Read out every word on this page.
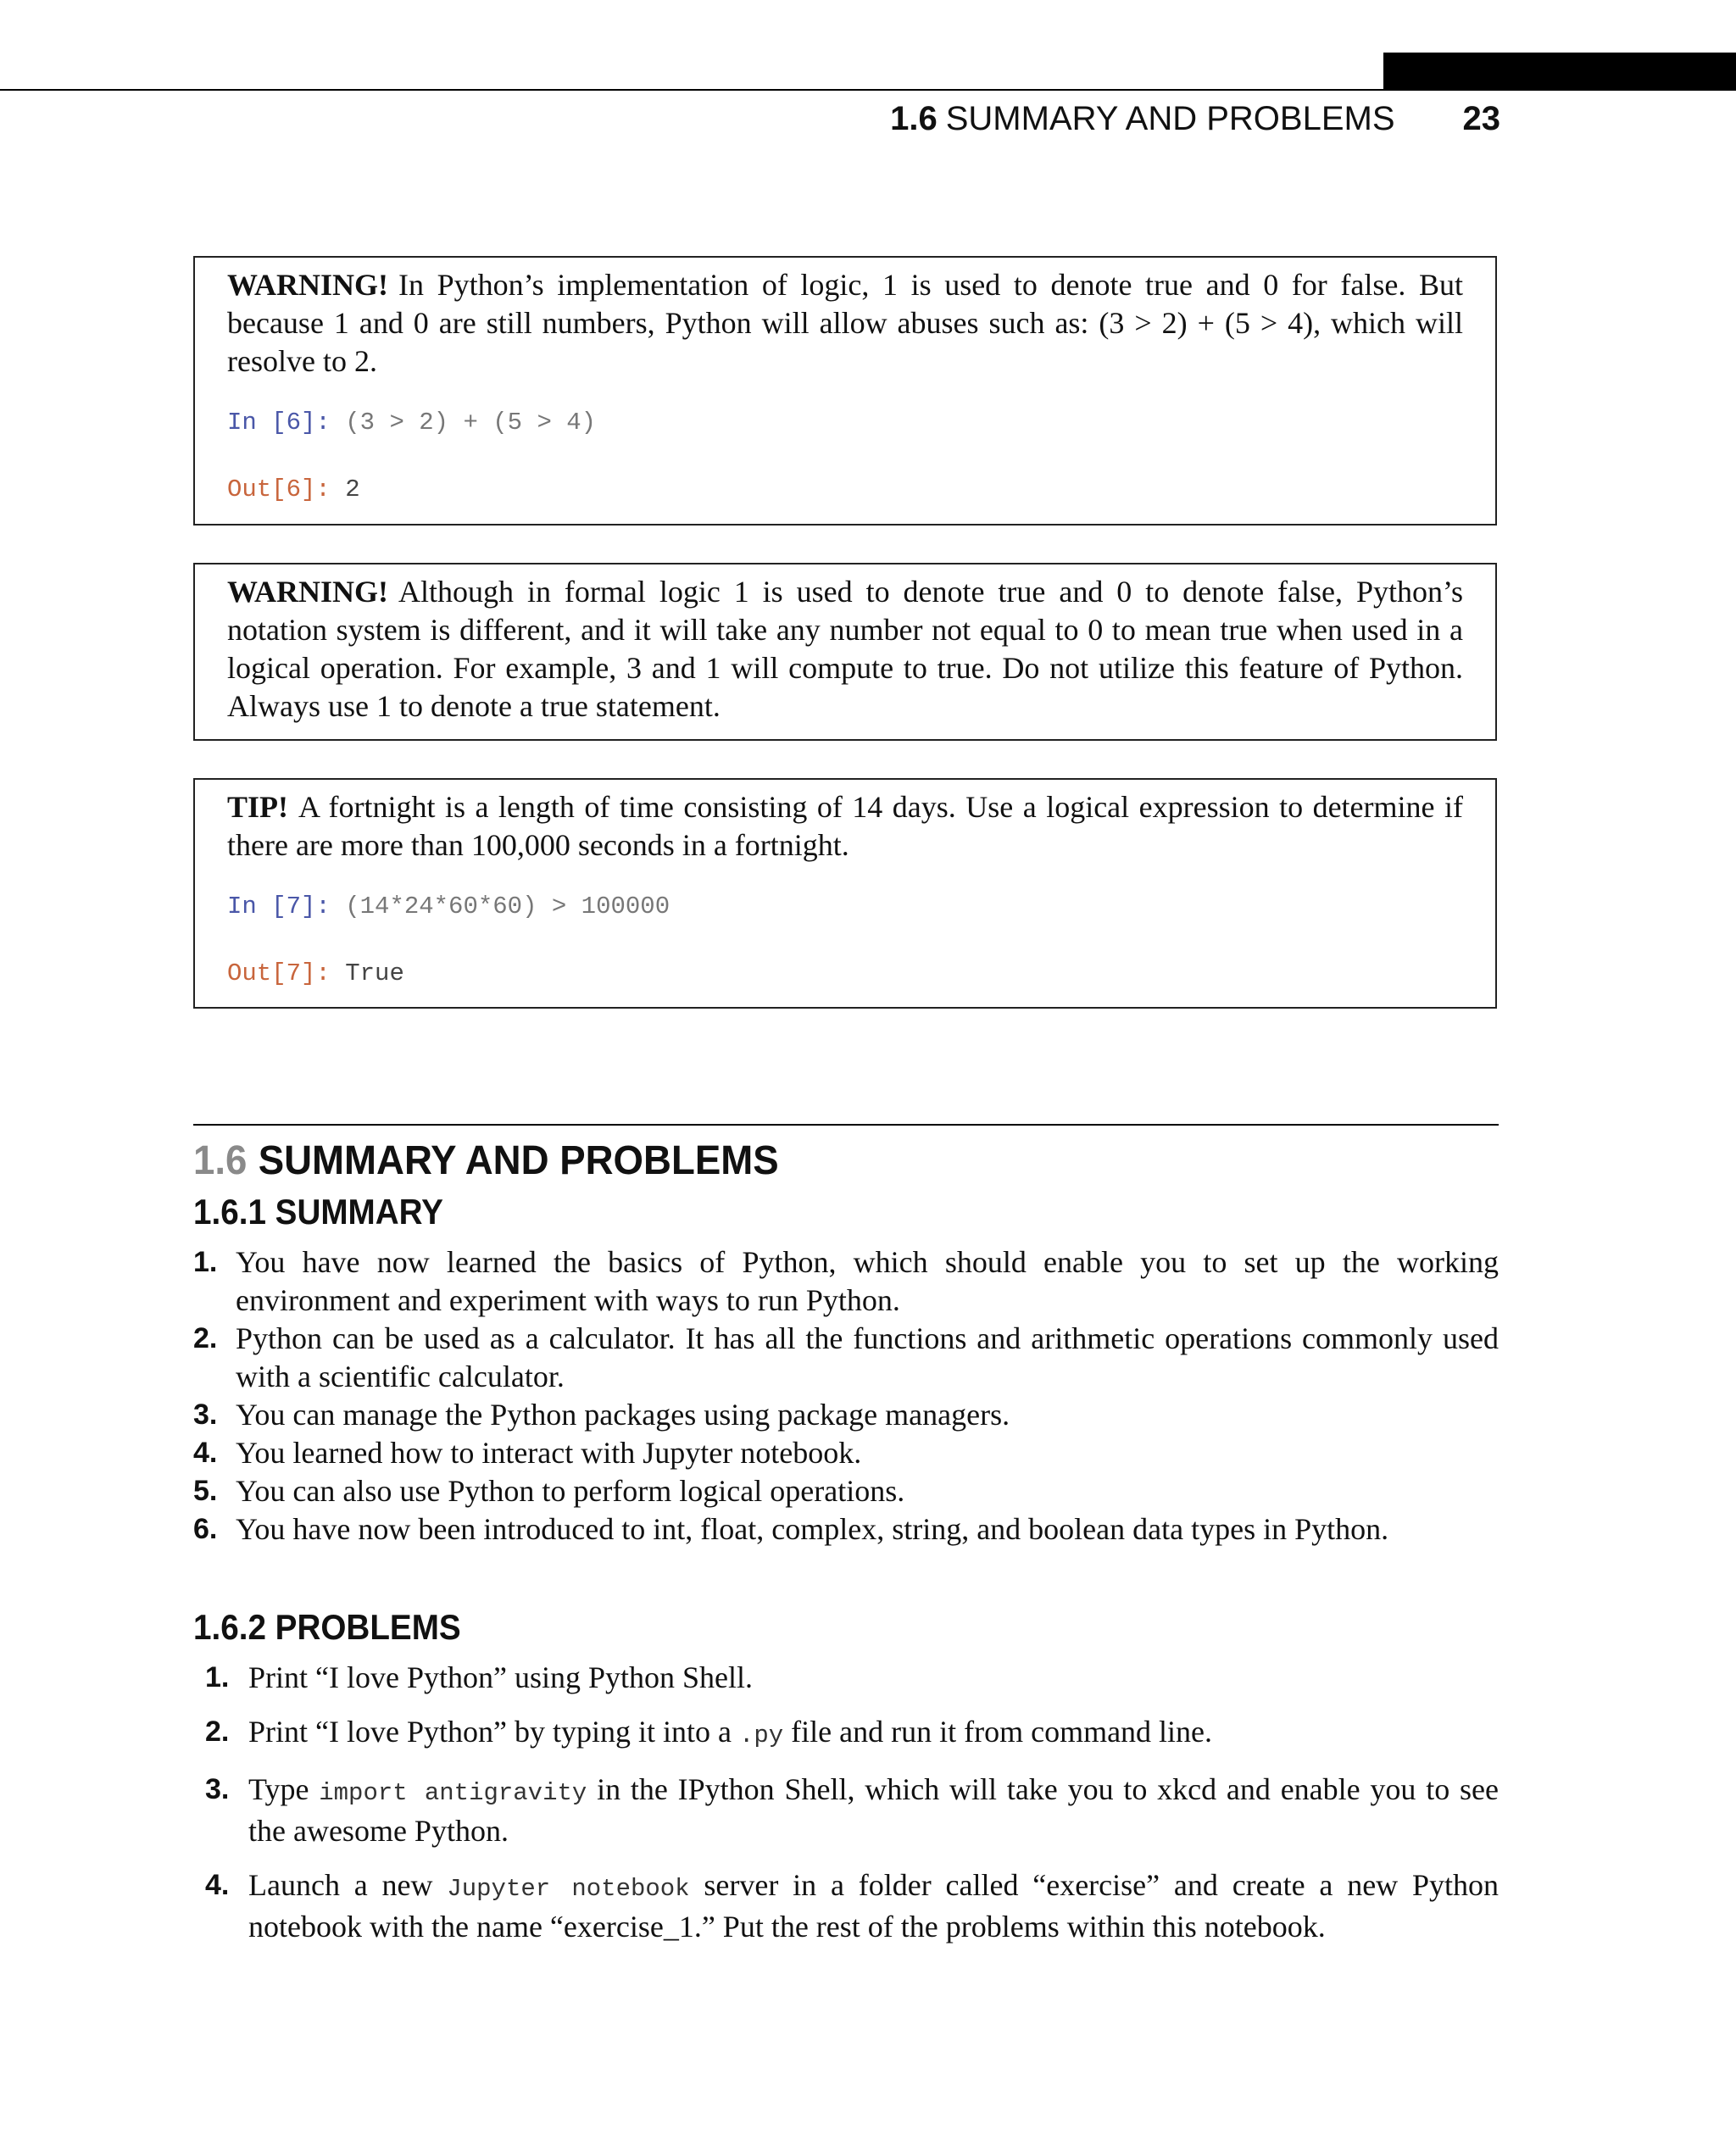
1.6 SUMMARY AND PROBLEMS 23

WARNING! In Python’s implementation of logic, 1 is used to denote true and 0 for false. But because 1 and 0 are still numbers, Python will allow abuses such as: (3 > 2) + (5 > 4), which will resolve to 2.

In [6]: (3 > 2) + (5 > 4)
Out[6]: 2

WARNING! Although in formal logic 1 is used to denote true and 0 to denote false, Python’s notation system is different, and it will take any number not equal to 0 to mean true when used in a logical operation. For example, 3 and 1 will compute to true. Do not utilize this feature of Python. Always use 1 to denote a true statement.

TIP! A fortnight is a length of time consisting of 14 days. Use a logical expression to determine if there are more than 100,000 seconds in a fortnight.

In [7]: (14*24*60*60) > 100000
Out[7]: True
1.6 SUMMARY AND PROBLEMS
1.6.1 SUMMARY
1. You have now learned the basics of Python, which should enable you to set up the working environment and experiment with ways to run Python.
2. Python can be used as a calculator. It has all the functions and arithmetic operations commonly used with a scientific calculator.
3. You can manage the Python packages using package managers.
4. You learned how to interact with Jupyter notebook.
5. You can also use Python to perform logical operations.
6. You have now been introduced to int, float, complex, string, and boolean data types in Python.
1.6.2 PROBLEMS
1. Print “I love Python” using Python Shell.
2. Print “I love Python” by typing it into a .py file and run it from command line.
3. Type import antigravity in the IPython Shell, which will take you to xkcd and enable you to see the awesome Python.
4. Launch a new Jupyter notebook server in a folder called “exercise” and create a new Python notebook with the name “exercise_1.” Put the rest of the problems within this notebook.
